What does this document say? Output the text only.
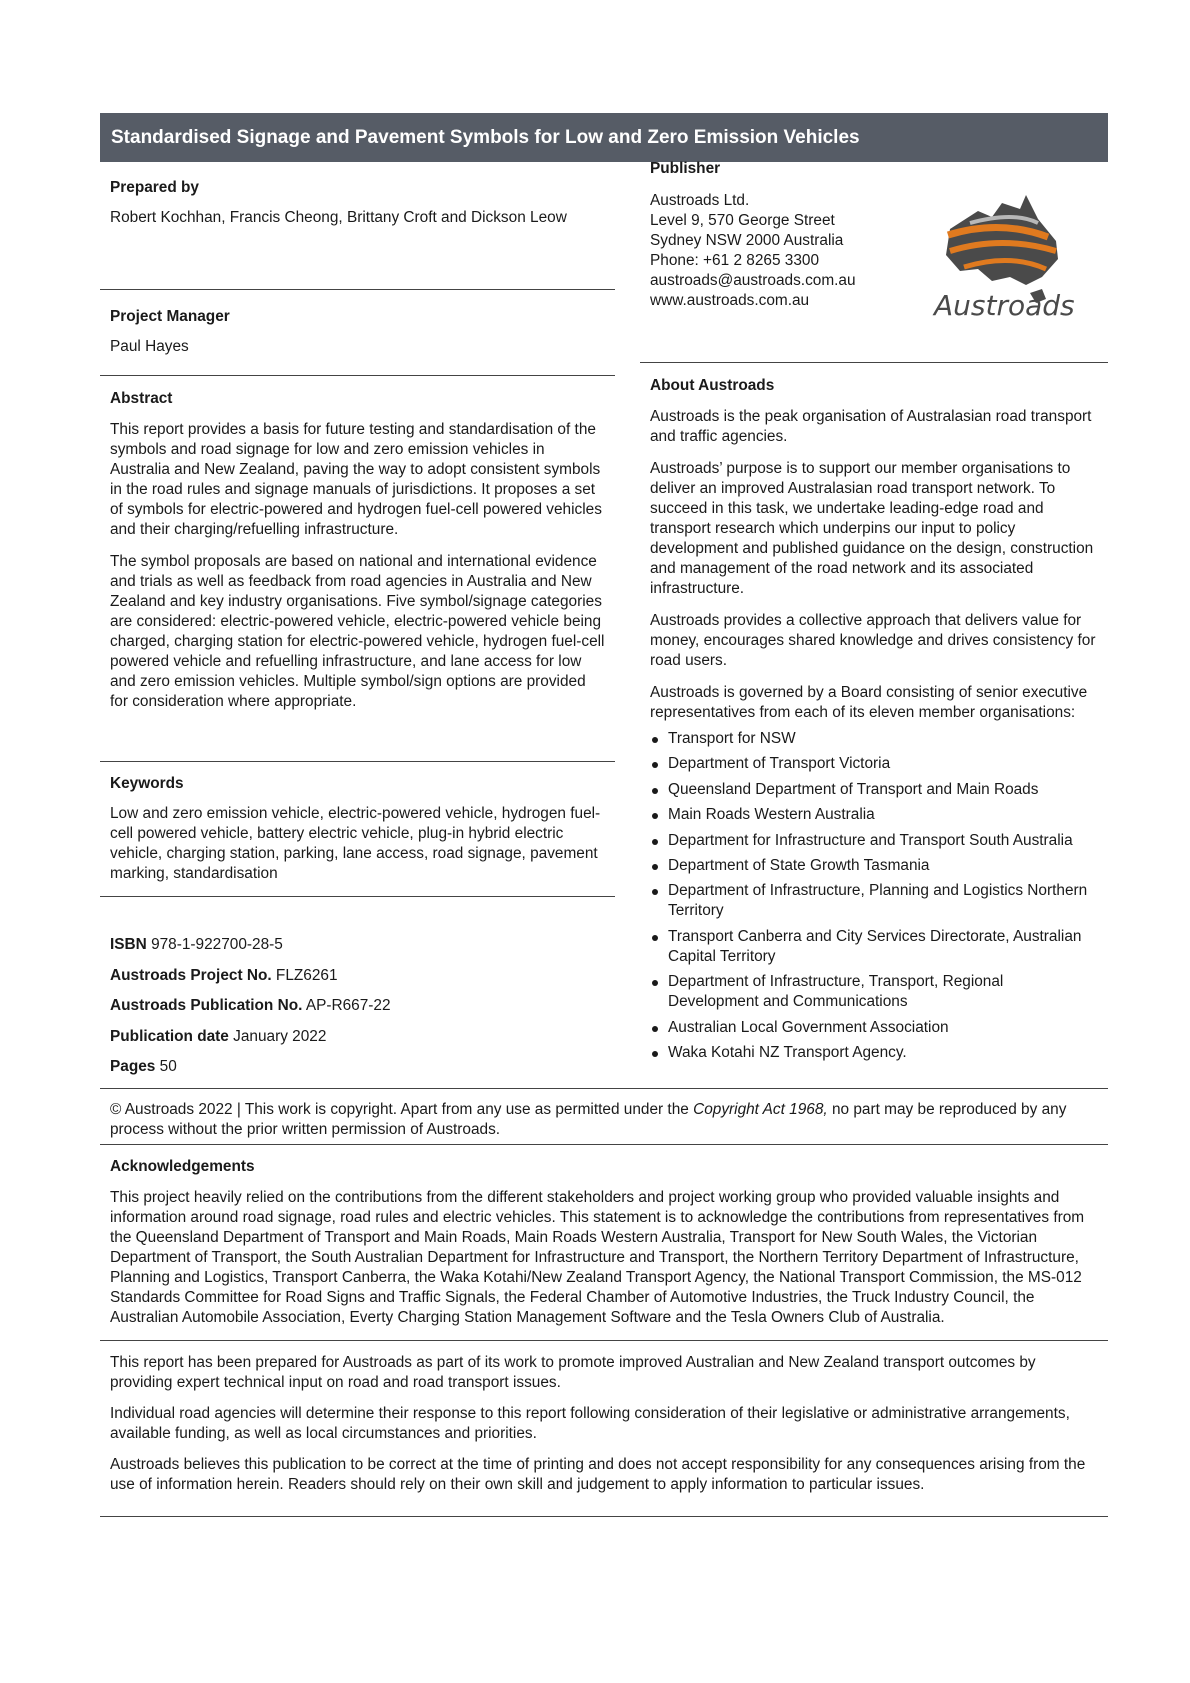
Standardised Signage and Pavement Symbols for Low and Zero Emission Vehicles
Prepared by

Robert Kochhan, Francis Cheong, Brittany Croft and Dickson Leow

Project Manager

Paul Hayes

Abstract

This report provides a basis for future testing and standardisation of the symbols and road signage for low and zero emission vehicles in Australia and New Zealand, paving the way to adopt consistent symbols in the road rules and signage manuals of jurisdictions. It proposes a set of symbols for electric-powered and hydrogen fuel-cell powered vehicles and their charging/refuelling infrastructure.

The symbol proposals are based on national and international evidence and trials as well as feedback from road agencies in Australia and New Zealand and key industry organisations. Five symbol/signage categories are considered: electric-powered vehicle, electric-powered vehicle being charged, charging station for electric-powered vehicle, hydrogen fuel-cell powered vehicle and refuelling infrastructure, and lane access for low and zero emission vehicles. Multiple symbol/sign options are provided for consideration where appropriate.

Keywords

Low and zero emission vehicle, electric-powered vehicle, hydrogen fuel-cell powered vehicle, battery electric vehicle, plug-in hybrid electric vehicle, charging station, parking, lane access, road signage, pavement marking, standardisation

ISBN 978-1-922700-28-5
Austroads Project No. FLZ6261
Austroads Publication No. AP-R667-22
Publication date January 2022
Pages 50
Publisher
Austroads Ltd.
Level 9, 570 George Street
Sydney NSW 2000 Australia
Phone: +61 2 8265 3300
austroads@austroads.com.au
www.austroads.com.au	Austroads
About Austroads

Austroads is the peak organisation of Australasian road transport and traffic agencies.

Austroads’ purpose is to support our member organisations to deliver an improved Australasian road transport network. To succeed in this task, we undertake leading-edge road and transport research which underpins our input to policy development and published guidance on the design, construction and management of the road network and its associated infrastructure.

Austroads provides a collective approach that delivers value for money, encourages shared knowledge and drives consistency for road users.

Austroads is governed by a Board consisting of senior executive representatives from each of its eleven member organisations:

Transport for NSW
Department of Transport Victoria
Queensland Department of Transport and Main Roads
Main Roads Western Australia
Department for Infrastructure and Transport South Australia
Department of State Growth Tasmania
Department of Infrastructure, Planning and Logistics Northern Territory
Transport Canberra and City Services Directorate, Australian Capital Territory
Department of Infrastructure, Transport, Regional Development and Communications
Australian Local Government Association
Waka Kotahi NZ Transport Agency.
© Austroads 2022 | This work is copyright. Apart from any use as permitted under the Copyright Act 1968, no part may be reproduced by any process without the prior written permission of Austroads.
Acknowledgements

This project heavily relied on the contributions from the different stakeholders and project working group who provided valuable insights and information around road signage, road rules and electric vehicles. This statement is to acknowledge the contributions from representatives from the Queensland Department of Transport and Main Roads, Main Roads Western Australia, Transport for New South Wales, the Victorian Department of Transport, the South Australian Department for Infrastructure and Transport, the Northern Territory Department of Infrastructure, Planning and Logistics, Transport Canberra, the Waka Kotahi/New Zealand Transport Agency, the National Transport Commission, the MS-012 Standards Committee for Road Signs and Traffic Signals, the Federal Chamber of Automotive Industries, the Truck Industry Council, the Australian Automobile Association, Everty Charging Station Management Software and the Tesla Owners Club of Australia.

This report has been prepared for Austroads as part of its work to promote improved Australian and New Zealand transport outcomes by providing expert technical input on road and road transport issues.

Individual road agencies will determine their response to this report following consideration of their legislative or administrative arrangements, available funding, as well as local circumstances and priorities.

Austroads believes this publication to be correct at the time of printing and does not accept responsibility for any consequences arising from the use of information herein. Readers should rely on their own skill and judgement to apply information to particular issues.
